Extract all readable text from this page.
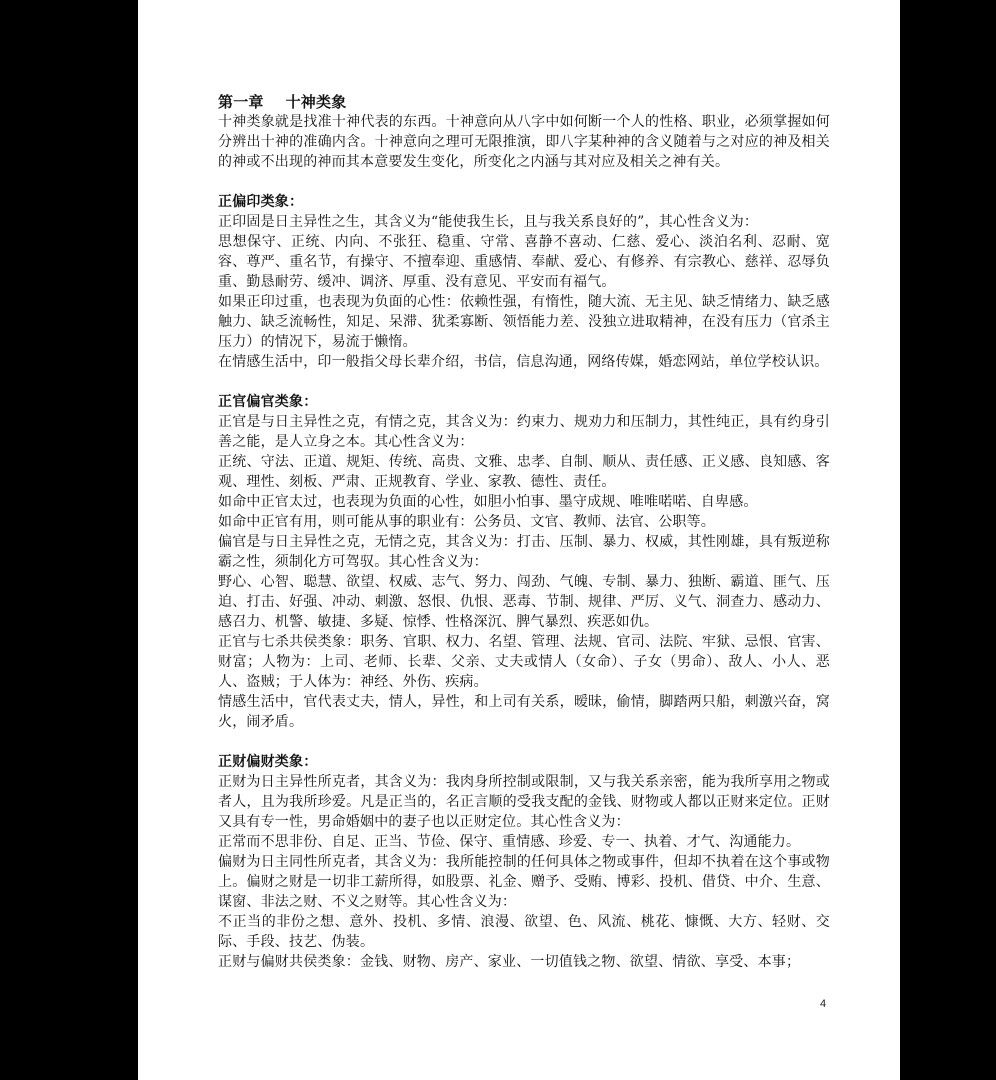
第一章 十神类象

十神类象就是找准十神代表的东西。十神意向从八字中如何断一个人的性格、职业，必须掌握如何分辨出十神的准确内含。十神意向之理可无限推演，即八字某种神的含义随着与之对应的神及相关的神或不出现的神而其本意要发生变化，所变化之内涵与其对应及相关之神有关。

正偏印类象：

正印固是日主异性之生，其含义为“能使我生长，且与我关系良好的”，其心性含义为：

思想保守、正统、内向、不张狂、稳重、守常、喜静不喜动、仁慈、爱心、淡泊名利、忍耐、宽容、尊严、重名节，有操守、不擅奉迎、重感情、奉献、爱心、有修养、有宗教心、慈祥、忍辱负重、勤恳耐劳、缓冲、调济、厚重、没有意见、平安而有福气。

如果正印过重，也表现为负面的心性：依赖性强，有惰性，随大流、无主见、缺乏情绪力、缺乏感触力、缺乏流畅性，知足、呆滞、犹柔寡断、领悟能力差、没独立进取精神，在没有压力（官杀主压力）的情况下，易流于懒惰。

在情感生活中，印一般指父母长辈介绍，书信，信息沟通，网络传媒，婚恋网站，单位学校认识。

正官偏官类象：

正官是与日主异性之克，有情之克，其含义为：约束力、规劝力和压制力，其性纯正，具有约身引善之能，是人立身之本。其心性含义为：

正统、守法、正道、规矩、传统、高贵、文雅、忠孝、自制、顺从、责任感、正义感、良知感、客观、理性、刻板、严肃、正规教育、学业、家教、德性、责任。

如命中正官太过，也表现为负面的心性，如胆小怕事、墨守成规、唯唯喏喏、自卑感。

如命中正官有用，则可能从事的职业有：公务员、文官、教师、法官、公职等。

偏官是与日主异性之克，无情之克，其含义为：打击、压制、暴力、权威，其性刚雄，具有叛逆称霸之性，须制化方可驾驭。其心性含义为：

野心、心智、聪慧、欲望、权威、志气、努力、闯劲、气魄、专制、暴力、独断、霸道、匪气、压迫、打击、好强、冲动、刺激、怒恨、仇恨、恶毒、节制、规律、严厉、义气、洞查力、感动力、感召力、机警、敏捷、多疑、惊悸、性格深沉、脾气暴烈、疾恶如仇。

正官与七杀共侯类象：职务、官职、权力、名望、管理、法规、官司、法院、牢狱、忌恨、官害、财富；人物为：上司、老师、长辈、父亲、丈夫或情人（女命）、子女（男命）、敌人、小人、恶人、盗贼；于人体为：神经、外伤、疾病。

情感生活中，官代表丈夫，情人，异性，和上司有关系，暧昧，偷情，脚踏两只船，刺激兴奋，窝火，闹矛盾。

正财偏财类象：

正财为日主异性所克者，其含义为：我肉身所控制或限制，又与我关系亲密，能为我所享用之物或者人，且为我所珍爱。凡是正当的，名正言顺的受我支配的金钱、财物或人都以正财来定位。正财又具有专一性，男命婚姻中的妻子也以正财定位。其心性含义为：

正常而不思非份、自足、正当、节俭、保守、重情感、珍爱、专一、执着、才气、沟通能力。

偏财为日主同性所克者，其含义为：我所能控制的任何具体之物或事件，但却不执着在这个事或物上。偏财之财是一切非工薪所得，如股票、礼金、赠予、受贿、博彩、投机、借贷、中介、生意、谋窗、非法之财、不义之财等。其心性含义为：

不正当的非份之想、意外、投机、多情、浪漫、欲望、色、风流、桃花、慷慨、大方、轻财、交际、手段、技艺、伪装。

正财与偏财共侯类象：金钱、财物、房产、家业、一切值钱之物、欲望、情欲、享受、本事；

4
